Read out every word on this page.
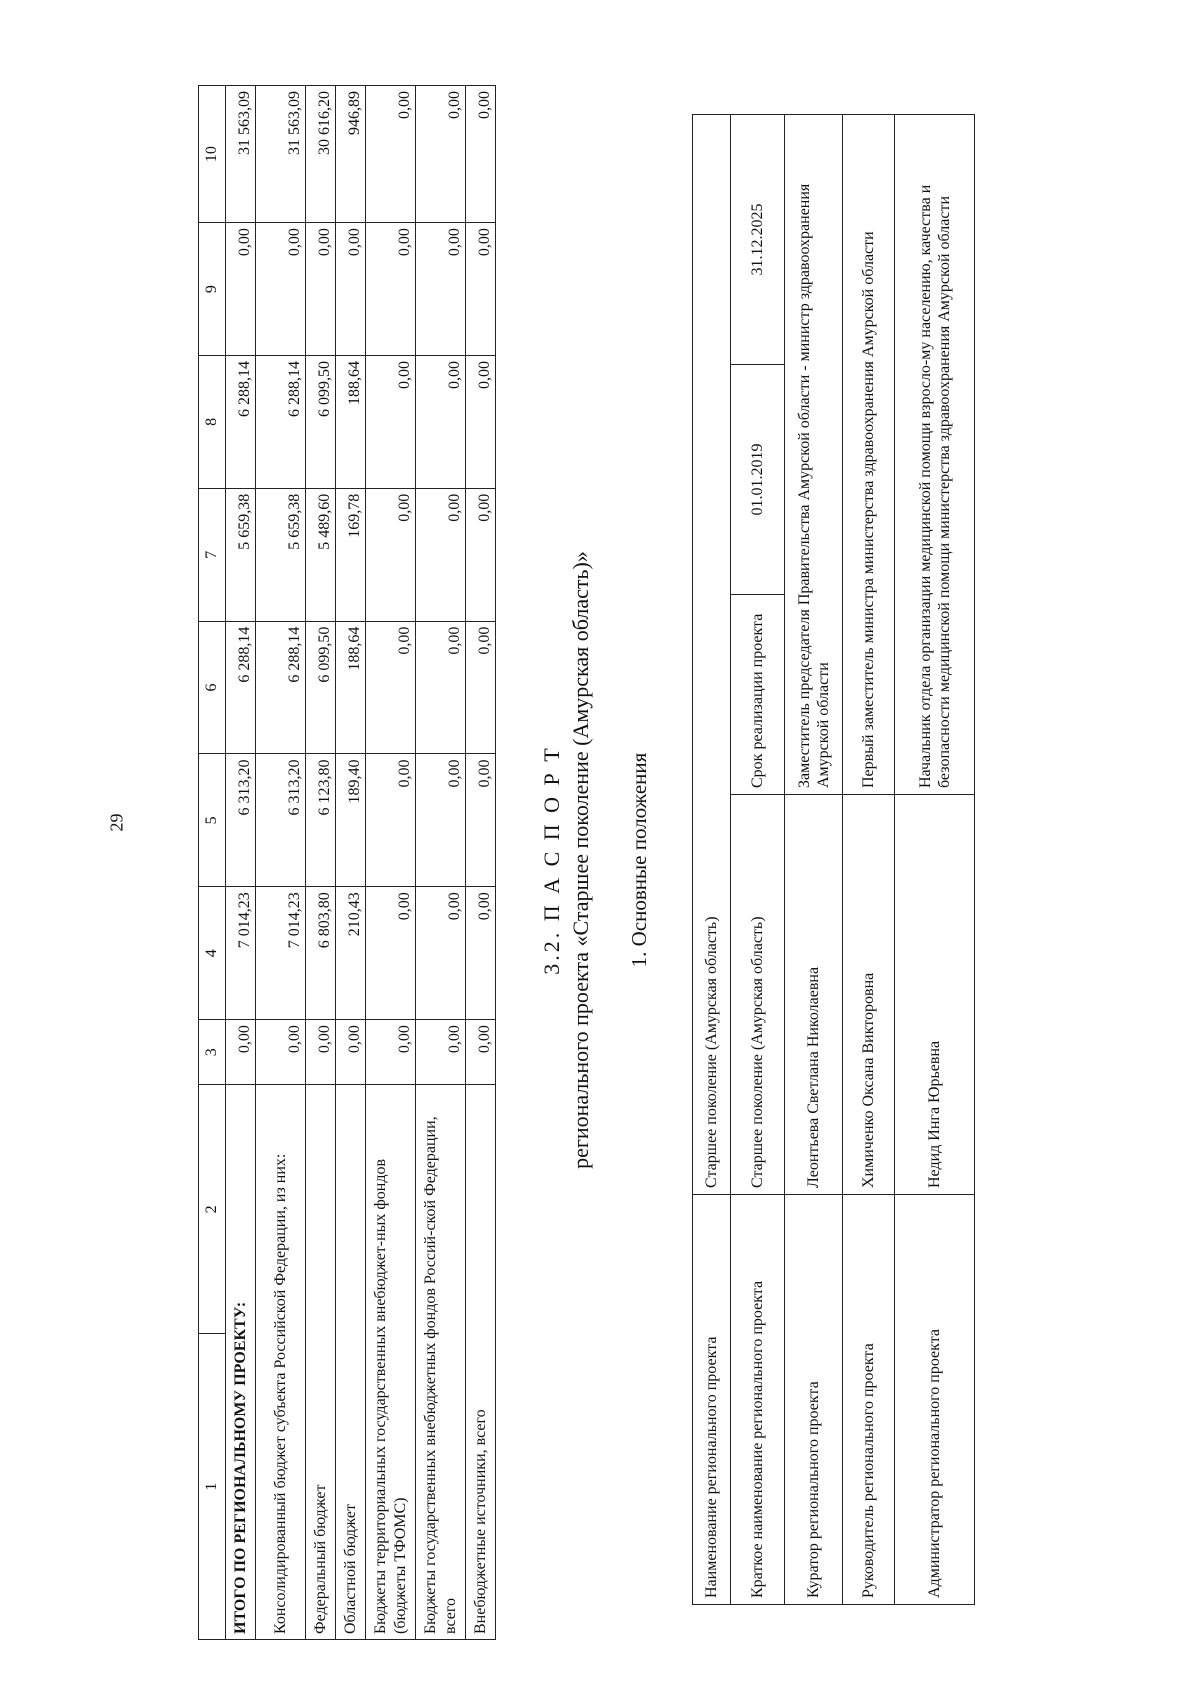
29
1	2	3	4	5	6	7	8	9	10
ИТОГО ПО РЕГИОНАЛЬНОМУ ПРОЕКТУ:		0,00	7 014,23	6 313,20	6 288,14	5 659,38	6 288,14	0,00	31 563,09
Консолидированный бюджет субъекта Российской Федерации, из них:		0,00	7 014,23	6 313,20	6 288,14	5 659,38	6 288,14	0,00	31 563,09
Федеральный бюджет		0,00	6 803,80	6 123,80	6 099,50	5 489,60	6 099,50	0,00	30 616,20
Областной бюджет		0,00	210,43	189,40	188,64	169,78	188,64	0,00	946,89
Бюджеты территориальных государственных внебюджет-ных фондов (бюджеты ТФОМС)		0,00	0,00	0,00	0,00	0,00	0,00	0,00	0,00
Бюджеты государственных внебюджетных фондов Россий-ской Федерации, всего		0,00	0,00	0,00	0,00	0,00	0,00	0,00	0,00
Внебюджетные источники, всего		0,00	0,00	0,00	0,00	0,00	0,00	0,00	0,00
3.2. П А С П О Р Т регионального проекта «Старшее поколение (Амурская область)» 1. Основные положения
Наименование регионального проекта	Старшее поколение (Амурская область)			
Краткое наименование регионального проекта	Старшее поколение (Амурская область)	Срок реализации проекта	01.01.2019	31.12.2025
Куратор регионального проекта	Леонтьева Светлана Николаевна	Заместитель председателя Правительства Амурской области - министр здравоохранения Амурской области		
Руководитель регионального проекта	Химиченко Оксана Викторовна	Первый заместитель министра министерства здравоохранения Амурской области		
Администратор регионального проекта	Недид Инга Юрьевна	Начальник отдела организации медицинской помощи взросло-му населению, качества и безопасности медицинской помощи министерства здравоохранения Амурской области		
